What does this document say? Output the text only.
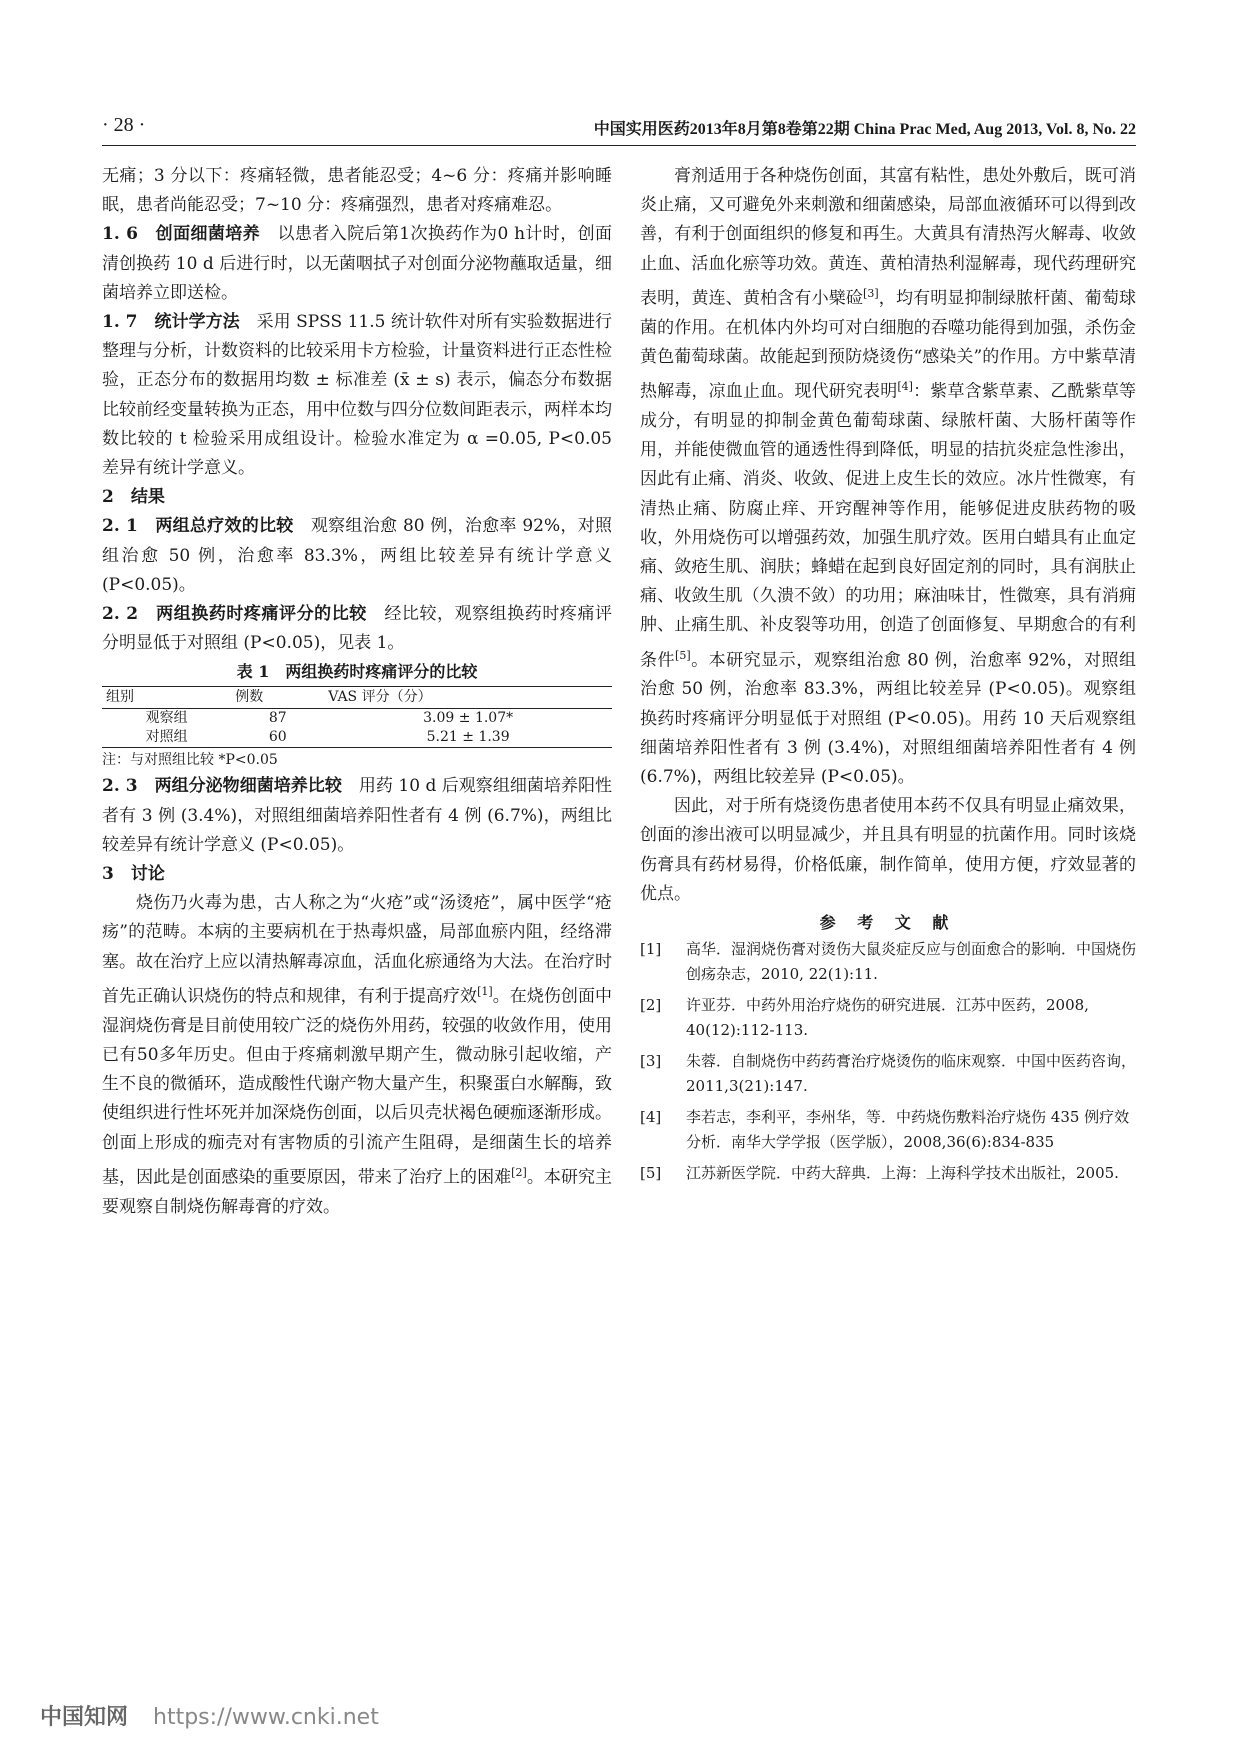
· 28 ·	中国实用医药2013年8月第8卷第22期 China Prac Med, Aug 2013, Vol. 8, No. 22

无痛；3 分以下：疼痛轻微，患者能忍受；4~6 分：疼痛并影响睡眠，患者尚能忍受；7~10 分：疼痛强烈，患者对疼痛难忍。

1. 6　创面细菌培养　以患者入院后第1次换药作为0 h计时，创面清创换药 10 d 后进行时，以无菌咽拭子对创面分泌物蘸取适量，细菌培养立即送检。

1. 7　统计学方法　采用 SPSS 11.5 统计软件对所有实验数据进行整理与分析，计数资料的比较采用卡方检验，计量资料进行正态性检验，正态分布的数据用均数 ± 标准差 (x̄ ± s) 表示，偏态分布数据比较前经变量转换为正态，用中位数与四分位数间距表示，两样本均数比较的 t 检验采用成组设计。检验水准定为 α =0.05, P<0.05 差异有统计学意义。

2　结果

2. 1　两组总疗效的比较　观察组治愈 80 例，治愈率 92%，对照组治愈 50 例，治愈率 83.3%，两组比较差异有统计学意义 (P<0.05)。

2. 2　两组换药时疼痛评分的比较　经比较，观察组换药时疼痛评分明显低于对照组 (P<0.05)，见表 1。

表 1　两组换药时疼痛评分的比较

组别	例数	VAS 评分（分）
观察组	87	3.09 ± 1.07*
对照组	60	5.21 ± 1.39

注：与对照组比较 *P<0.05

2. 3　两组分泌物细菌培养比较　用药 10 d 后观察组细菌培养阳性者有 3 例 (3.4%)，对照组细菌培养阳性者有 4 例 (6.7%)，两组比较差异有统计学意义 (P<0.05)。

3　讨论

烧伤乃火毒为患，古人称之为“火疮”或“汤烫疮”，属中医学“疮疡”的范畴。本病的主要病机在于热毒炽盛，局部血瘀内阻，经络滞塞。故在治疗上应以清热解毒凉血，活血化瘀通络为大法。在治疗时首先正确认识烧伤的特点和规律，有利于提高疗效[1]。在烧伤创面中湿润烧伤膏是目前使用较广泛的烧伤外用药，较强的收敛作用，使用已有50多年历史。但由于疼痛刺激早期产生，微动脉引起收缩，产生不良的微循环，造成酸性代谢产物大量产生，积聚蛋白水解酶，致使组织进行性坏死并加深烧伤创面，以后贝壳状褐色硬痂逐渐形成。创面上形成的痂壳对有害物质的引流产生阻碍，是细菌生长的培养基，因此是创面感染的重要原因，带来了治疗上的困难[2]。本研究主要观察自制烧伤解毒膏的疗效。

膏剂适用于各种烧伤创面，其富有粘性，患处外敷后，既可消炎止痛，又可避免外来刺激和细菌感染，局部血液循环可以得到改善，有利于创面组织的修复和再生。大黄具有清热泻火解毒、收敛止血、活血化瘀等功效。黄连、黄柏清热利湿解毒，现代药理研究表明，黄连、黄柏含有小檗硷[3]，均有明显抑制绿脓杆菌、葡萄球菌的作用。在机体内外均可对白细胞的吞噬功能得到加强，杀伤金黄色葡萄球菌。故能起到预防烧烫伤“感染关”的作用。方中紫草清热解毒，凉血止血。现代研究表明[4]：紫草含紫草素、乙酰紫草等成分，有明显的抑制金黄色葡萄球菌、绿脓杆菌、大肠杆菌等作用，并能使微血管的通透性得到降低，明显的拮抗炎症急性渗出，因此有止痛、消炎、收敛、促进上皮生长的效应。冰片性微寒，有清热止痛、防腐止痒、开窍醒神等作用，能够促进皮肤药物的吸收，外用烧伤可以增强药效，加强生肌疗效。医用白蜡具有止血定痛、敛疮生肌、润肤；蜂蜡在起到良好固定剂的同时，具有润肤止痛、收敛生肌（久溃不敛）的功用；麻油味甘，性微寒，具有消痈肿、止痛生肌、补皮裂等功用，创造了创面修复、早期愈合的有利条件[5]。本研究显示，观察组治愈 80 例，治愈率 92%，对照组治愈 50 例，治愈率 83.3%，两组比较差异 (P<0.05)。观察组换药时疼痛评分明显低于对照组 (P<0.05)。用药 10 天后观察组细菌培养阳性者有 3 例 (3.4%)，对照组细菌培养阳性者有 4 例 (6.7%)，两组比较差异 (P<0.05)。

因此，对于所有烧烫伤患者使用本药不仅具有明显止痛效果，创面的渗出液可以明显减少，并且具有明显的抗菌作用。同时该烧伤膏具有药材易得，价格低廉，制作简单，使用方便，疗效显著的优点。

参 考 文 献

[1] 高华．湿润烧伤膏对烫伤大鼠炎症反应与创面愈合的影响．中国烧伤创疡杂志，2010, 22(1):11.
[2] 许亚芬．中药外用治疗烧伤的研究进展．江苏中医药，2008, 40(12):112-113.
[3] 朱蓉．自制烧伤中药药膏治疗烧烫伤的临床观察．中国中医药咨询，2011,3(21):147.
[4] 李若志，李利平，李州华，等．中药烧伤敷料治疗烧伤 435 例疗效分析．南华大学学报（医学版），2008,36(6):834-835
[5] 江苏新医学院．中药大辞典．上海：上海科学技术出版社，2005.
中国知网 https://www.cnki.net
